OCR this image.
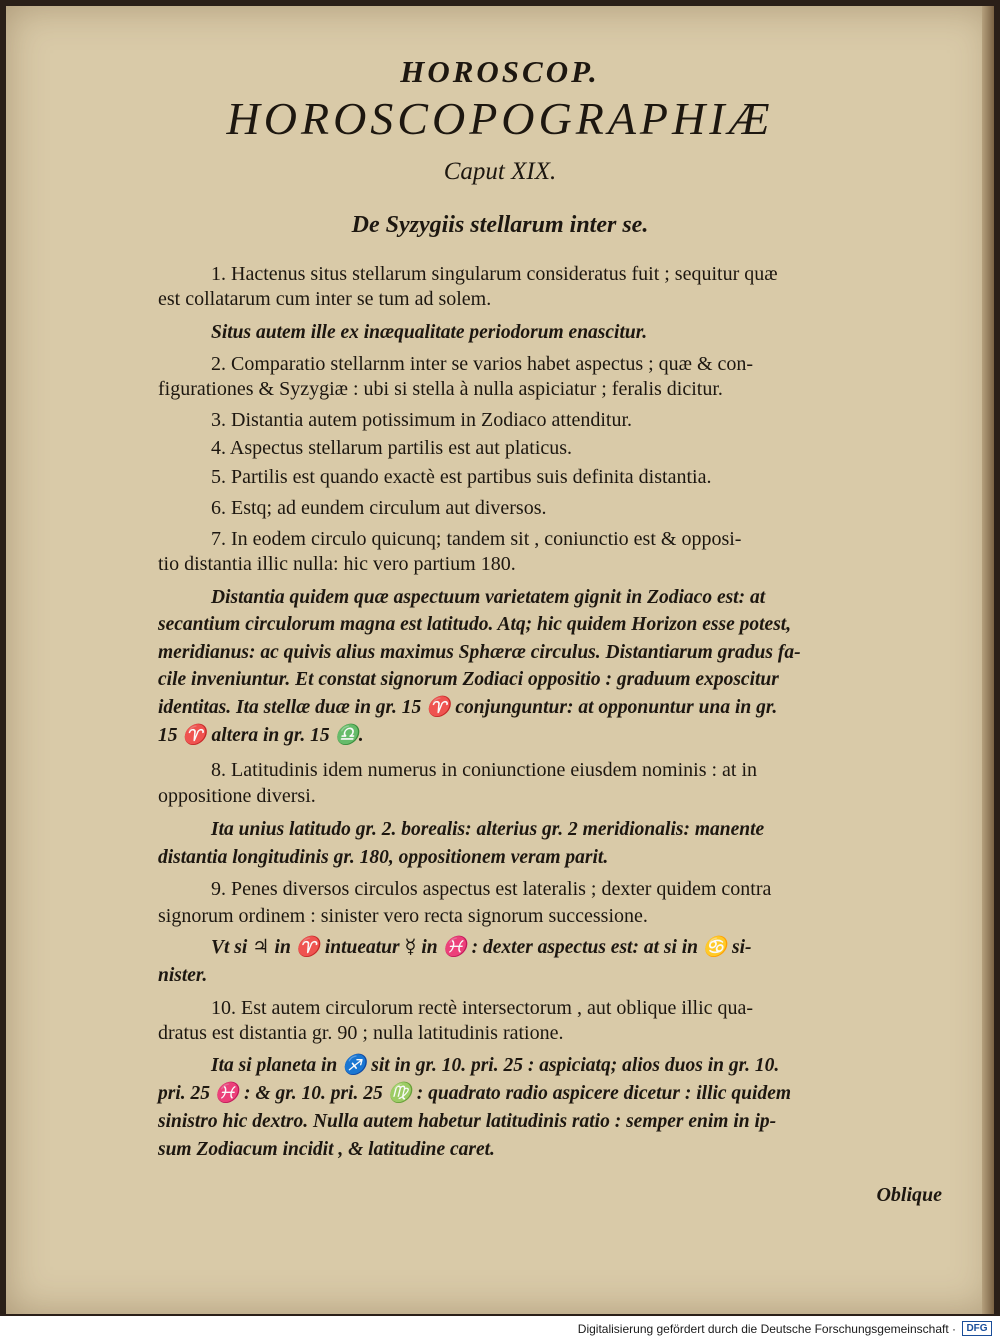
HOROSCOP.
HOROSCOPOGRAPHIÆ
Caput XIX.
De Syzygiis stellarum inter se.
1. Hactenus situs stellarum singularum consideratus fuit ; sequitur quæ
est collatarum cum inter se tum ad solem.
Situs autem ille ex inæqualitate periodorum enascitur.
2. Comparatio stellarnm inter se varios habet aspectus ; quæ & con-
figurationes & Syzygiæ : ubi si stella à nulla aspiciatur ; feralis dicitur.
3. Distantia autem potissimum in Zodiaco attenditur.
4. Aspectus stellarum partilis est aut platicus.
5. Partilis est quando exactè est partibus suis definita distantia.
6. Estq; ad eundem circulum aut diversos.
7. In eodem circulo quicunq; tandem sit , coniunctio est & opposi-
tio distantia illic nulla: hic vero partium 180.
Distantia quidem quæ aspectuum varietatem gignit in Zodiaco est: at
secantium circulorum magna est latitudo. Atq; hic quidem Horizon esse potest,
meridianus: ac quivis alius maximus Sphæræ circulus. Distantiarum gradus fa-
cile inveniuntur. Et constat signorum Zodiaci oppositio : graduum exposcitur
identitas. Ita stellæ duæ in gr. 15 ♈ conjunguntur: at opponuntur una in gr.
15 ♈ altera in gr. 15 ♎.
8. Latitudinis idem numerus in coniunctione eiusdem nominis : at in
oppositione diversi.
Ita unius latitudo gr. 2. borealis: alterius gr. 2 meridionalis: manente
distantia longitudinis gr. 180, oppositionem veram parit.
9. Penes diversos circulos aspectus est lateralis ; dexter quidem contra
signorum ordinem : sinister vero recta signorum successione.
Vt si ♃ in ♈ intueatur ☿ in ♓ : dexter aspectus est: at si in ♋ si-
nister.
10. Est autem circulorum rectè intersectorum , aut oblique illic qua-
dratus est distantia gr. 90 ; nulla latitudinis ratione.
Ita si planeta in ♐ sit in gr. 10. pri. 25 : aspiciatq; alios duos in gr. 10.
pri. 25 ♓ : & gr. 10. pri. 25 ♍ : quadrato radio aspicere dicetur : illic quidem
sinistro hic dextro. Nulla autem habetur latitudinis ratio : semper enim in ip-
sum Zodiacum incidit , & latitudine caret.
Oblique
Digitalisierung gefördert durch die Deutsche Forschungsgemeinschaft ·	DFG
